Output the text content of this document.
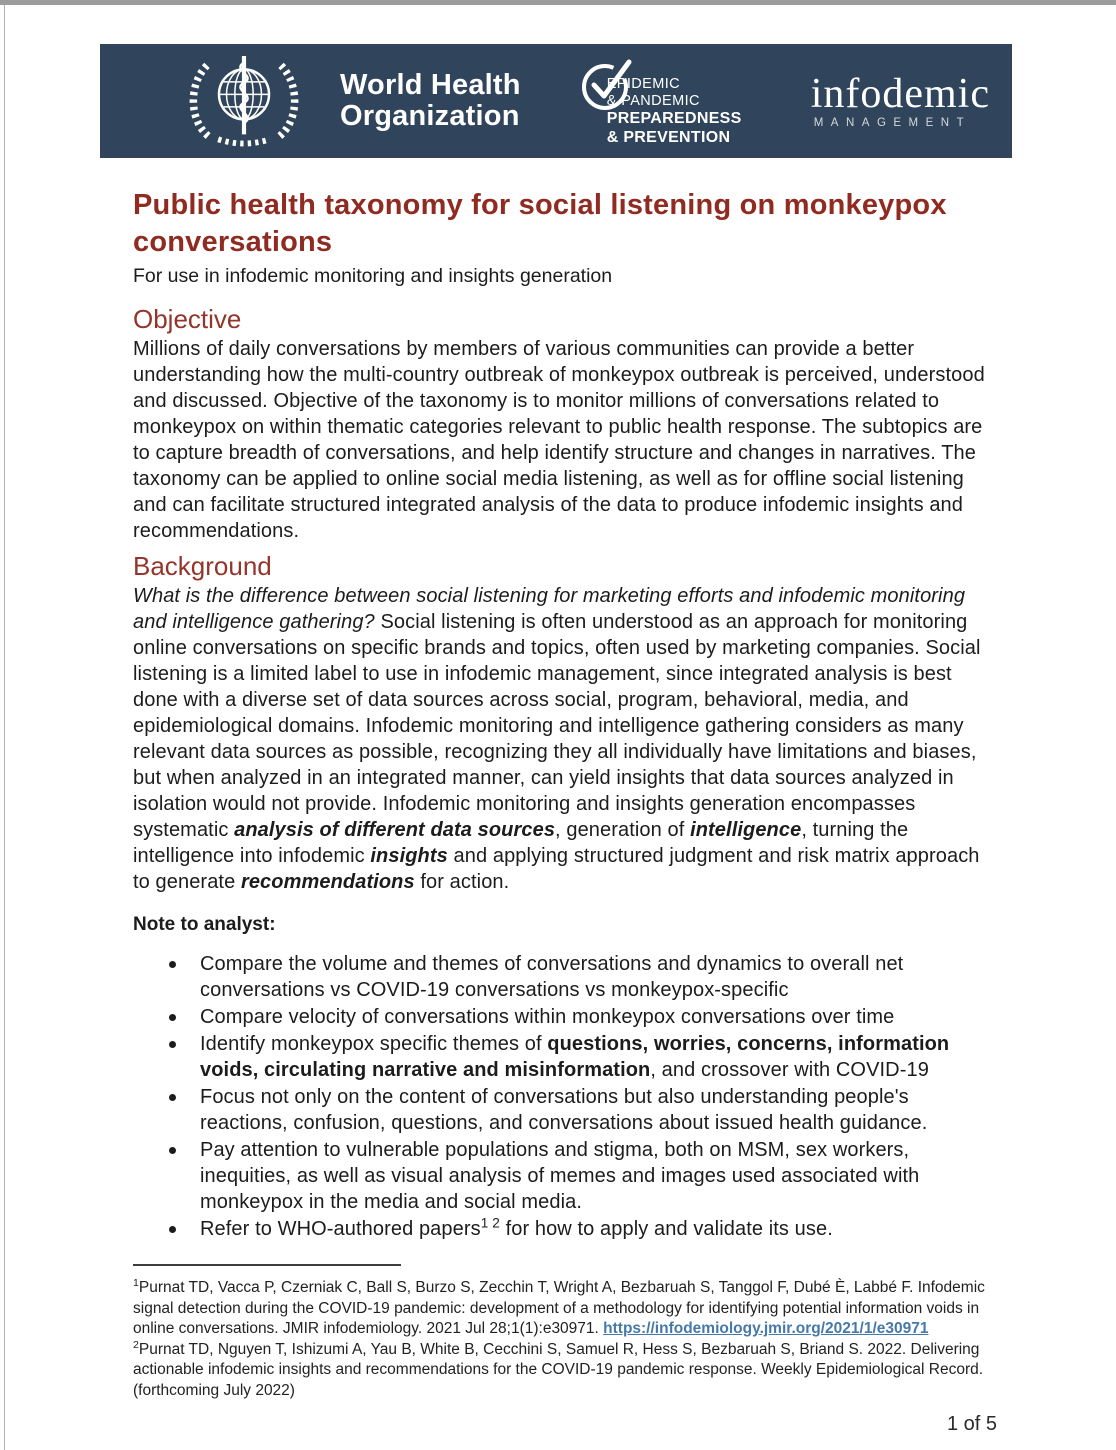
World Health
Organization
EPIDEMIC
& PANDEMIC
PREPAREDNESS
& PREVENTION
infodemic
MANAGEMENT
Public health taxonomy for social listening on monkeypox conversations

For use in infodemic monitoring and insights generation

Objective

Millions of daily conversations by members of various communities can provide a better understanding how the multi-country outbreak of monkeypox outbreak is perceived, understood and discussed. Objective of the taxonomy is to monitor millions of conversations related to monkeypox on within thematic categories relevant to public health response. The subtopics are to capture breadth of conversations, and help identify structure and changes in narratives. The taxonomy can be applied to online social media listening, as well as for offline social listening and can facilitate structured integrated analysis of the data to produce infodemic insights and recommendations.

Background

What is the difference between social listening for marketing efforts and infodemic monitoring and intelligence gathering? Social listening is often understood as an approach for monitoring online conversations on specific brands and topics, often used by marketing companies. Social listening is a limited label to use in infodemic management, since integrated analysis is best done with a diverse set of data sources across social, program, behavioral, media, and epidemiological domains. Infodemic monitoring and intelligence gathering considers as many relevant data sources as possible, recognizing they all individually have limitations and biases, but when analyzed in an integrated manner, can yield insights that data sources analyzed in isolation would not provide. Infodemic monitoring and insights generation encompasses systematic analysis of different data sources, generation of intelligence, turning the intelligence into infodemic insights and applying structured judgment and risk matrix approach to generate recommendations for action.

Note to analyst:

Compare the volume and themes of conversations and dynamics to overall net conversations vs COVID-19 conversations vs monkeypox-specific
Compare velocity of conversations within monkeypox conversations over time
Identify monkeypox specific themes of questions, worries, concerns, information voids, circulating narrative and misinformation, and crossover with COVID-19
Focus not only on the content of conversations but also understanding people's reactions, confusion, questions, and conversations about issued health guidance.
Pay attention to vulnerable populations and stigma, both on MSM, sex workers, inequities, as well as visual analysis of memes and images used associated with monkeypox in the media and social media.
Refer to WHO-authored papers$^{1 2}$ for how to apply and validate its use.

$^1$Purnat TD, Vacca P, Czerniak C, Ball S, Burzo S, Zecchin T, Wright A, Bezbaruah S, Tanggol F, Dubé È, Labbé F. Infodemic signal detection during the COVID-19 pandemic: development of a methodology for identifying potential information voids in online conversations. JMIR infodemiology. 2021 Jul 28;1(1):e30971. https://infodemiology.jmir.org/2021/1/e30971

$^2$Purnat TD, Nguyen T, Ishizumi A, Yau B, White B, Cecchini S, Samuel R, Hess S, Bezbaruah S, Briand S. 2022. Delivering actionable infodemic insights and recommendations for the COVID-19 pandemic response. Weekly Epidemiological Record. (forthcoming July 2022)

1 of 5
